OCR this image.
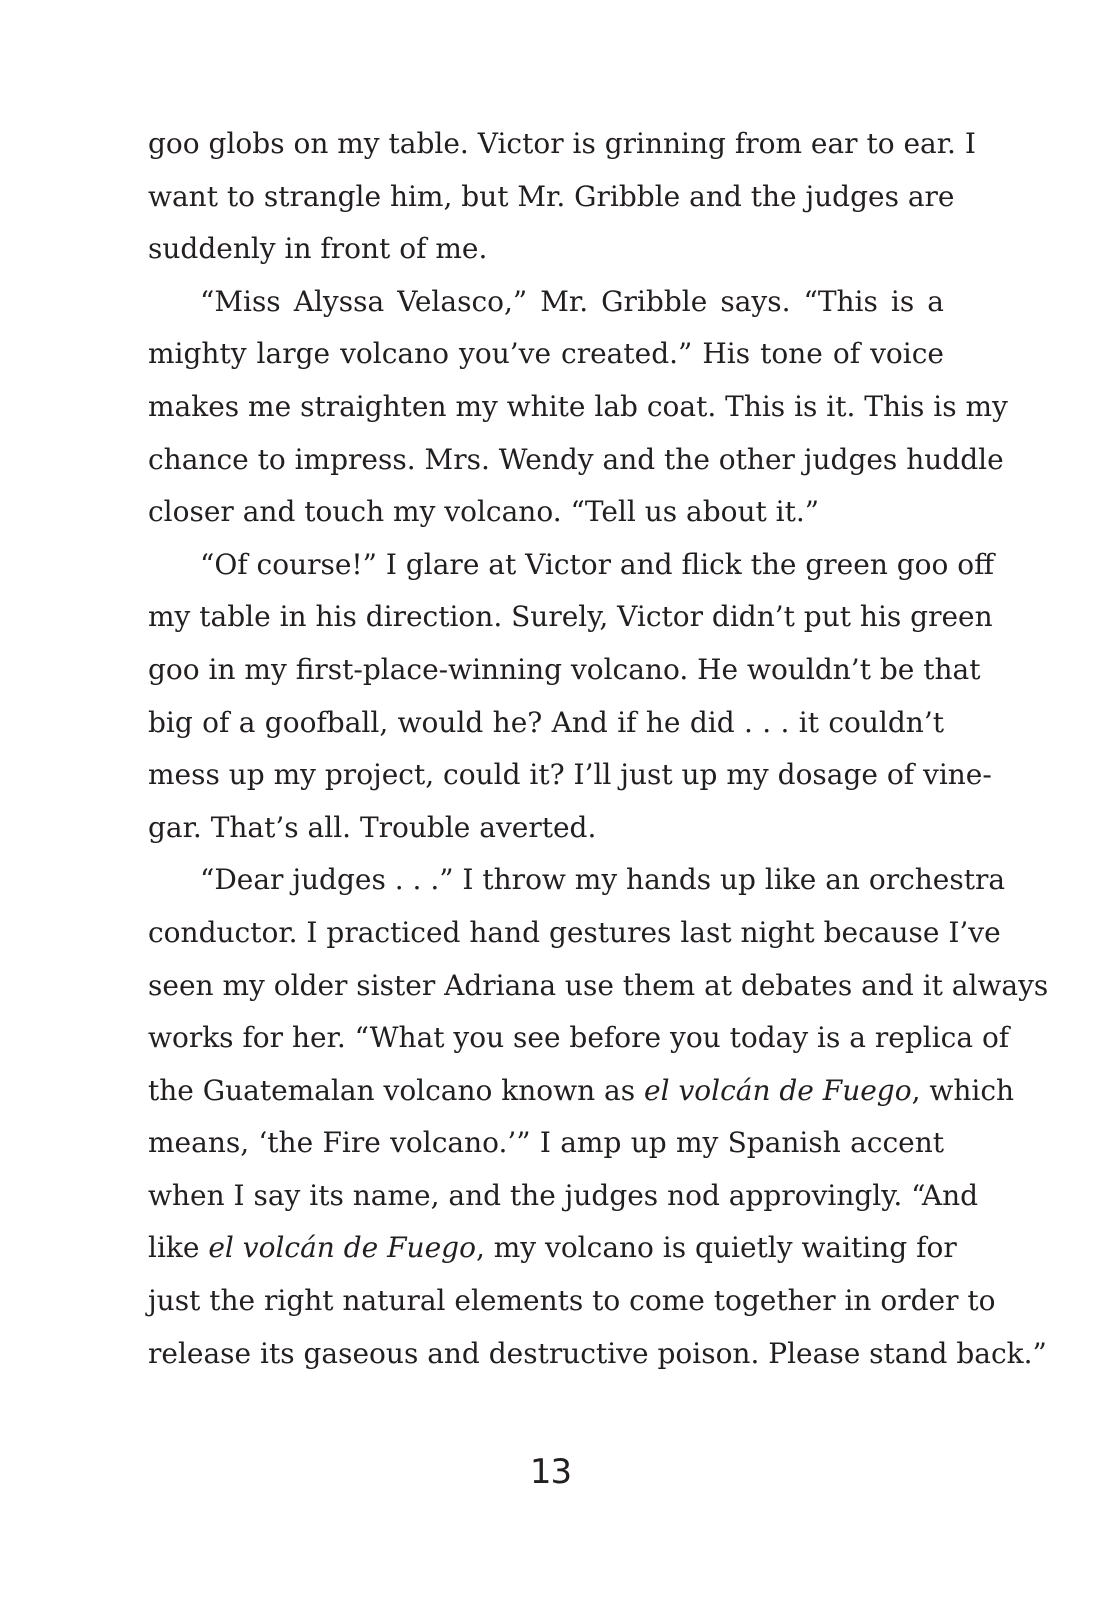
goo globs on my table. Victor is grinning from ear to ear. I
want to strangle him, but Mr. Gribble and the judges are
suddenly in front of me.
“Miss Alyssa Velasco,” Mr. Gribble says. “This is a
mighty large volcano you’ve created.” His tone of voice
makes me straighten my white lab coat. This is it. This is my
chance to impress. Mrs. Wendy and the other judges huddle
closer and touch my volcano. “Tell us about it.”
“Of course!” I glare at Victor and flick the green goo off
my table in his direction. Surely, Victor didn’t put his green
goo in my first-place-winning volcano. He wouldn’t be that
big of a goofball, would he? And if he did . . . it couldn’t
mess up my project, could it? I’ll just up my dosage of vine-
gar. That’s all. Trouble averted.
“Dear judges . . .” I throw my hands up like an orchestra
conductor. I practiced hand gestures last night because I’ve
seen my older sister Adriana use them at debates and it always
works for her. “What you see before you today is a replica of
the Guatemalan volcano known as el volcán de Fuego, which
means, ‘the Fire volcano.’” I amp up my Spanish accent
when I say its name, and the judges nod approvingly. “And
like el volcán de Fuego, my volcano is quietly waiting for
just the right natural elements to come together in order to
release its gaseous and destructive poison. Please stand back.”
13
